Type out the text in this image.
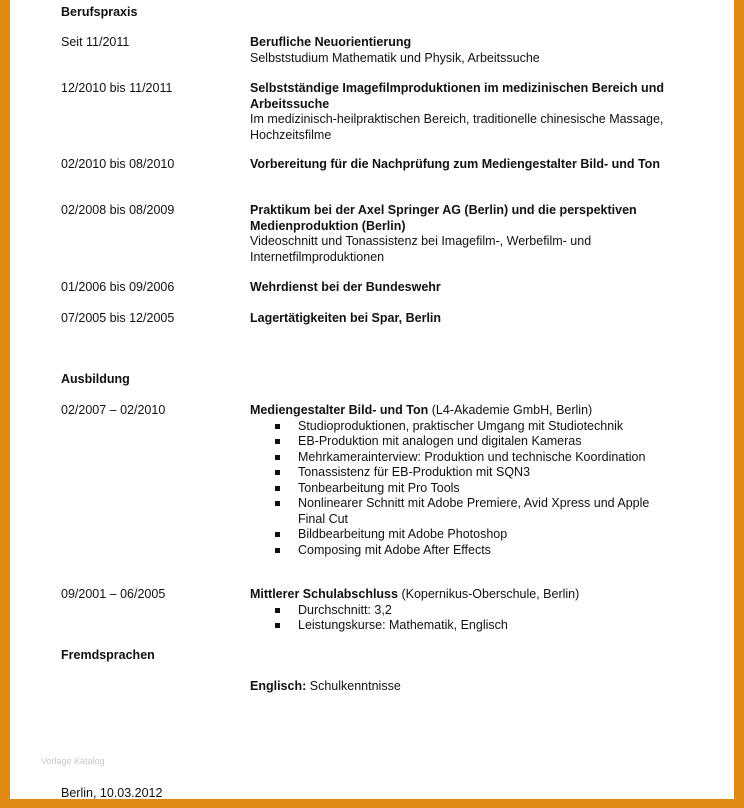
Berufspraxis
Seit 11/2011	Berufliche Neuorientierung
Selbststudium Mathematik und Physik, Arbeitssuche
12/2010 bis 11/2011	Selbstständige Imagefilmproduktionen im medizinischen Bereich und Arbeitssuche
Im medizinisch-heilpraktischen Bereich, traditionelle chinesische Massage, Hochzeitsfilme
02/2010 bis 08/2010	Vorbereitung für die Nachprüfung zum Mediengestalter Bild- und Ton
02/2008 bis 08/2009	Praktikum bei der Axel Springer AG (Berlin) und die perspektiven Medienproduktion (Berlin)
Videoschnitt und Tonassistenz bei Imagefilm-, Werbefilm- und Internetfilmproduktionen
01/2006 bis 09/2006	Wehrdienst bei der Bundeswehr
07/2005 bis 12/2005	Lagertätigkeiten bei Spar, Berlin
Ausbildung
02/2007 – 02/2010	Mediengestalter Bild- und Ton (L4-Akademie GmbH, Berlin)
Studioproduktionen, praktischer Umgang mit Studiotechnik
EB-Produktion mit analogen und digitalen Kameras
Mehrkamerainterview: Produktion und technische Koordination
Tonassistenz für EB-Produktion mit SQN3
Tonbearbeitung mit Pro Tools
Nonlinearer Schnitt mit Adobe Premiere, Avid Xpress und Apple Final Cut
Bildbearbeitung mit Adobe Photoshop
Composing mit Adobe After Effects
09/2001 – 06/2005	Mittlerer Schulabschluss (Kopernikus-Oberschule, Berlin)
Durchschnitt: 3,2
Leistungskurse: Mathematik, Englisch
Fremdsprachen
Englisch: Schulkenntnisse
Vorlage Katalog
Berlin, 10.03.2012
